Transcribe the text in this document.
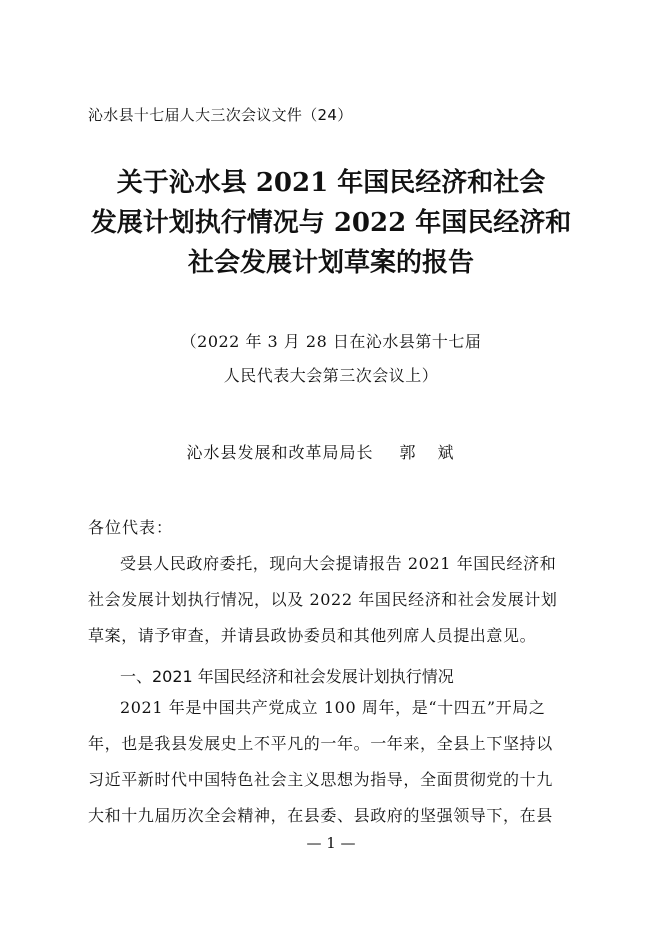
沁水县十七届人大三次会议文件（24）
关于沁水县 2021 年国民经济和社会
发展计划执行情况与 2022 年国民经济和
社会发展计划草案的报告
（2022 年 3 月 28 日在沁水县第十七届
人民代表大会第三次会议上）
沁水县发展和改革局局长 郭斌
各位代表：
受县人民政府委托，现向大会提请报告 2021 年国民经济和
社会发展计划执行情况，以及 2022 年国民经济和社会发展计划
草案，请予审查，并请县政协委员和其他列席人员提出意见。
一、2021 年国民经济和社会发展计划执行情况
2021 年是中国共产党成立 100 周年，是“十四五”开局之
年，也是我县发展史上不平凡的一年。一年来，全县上下坚持以
习近平新时代中国特色社会主义思想为指导，全面贯彻党的十九
大和十九届历次全会精神，在县委、县政府的坚强领导下，在县
— 1 —
